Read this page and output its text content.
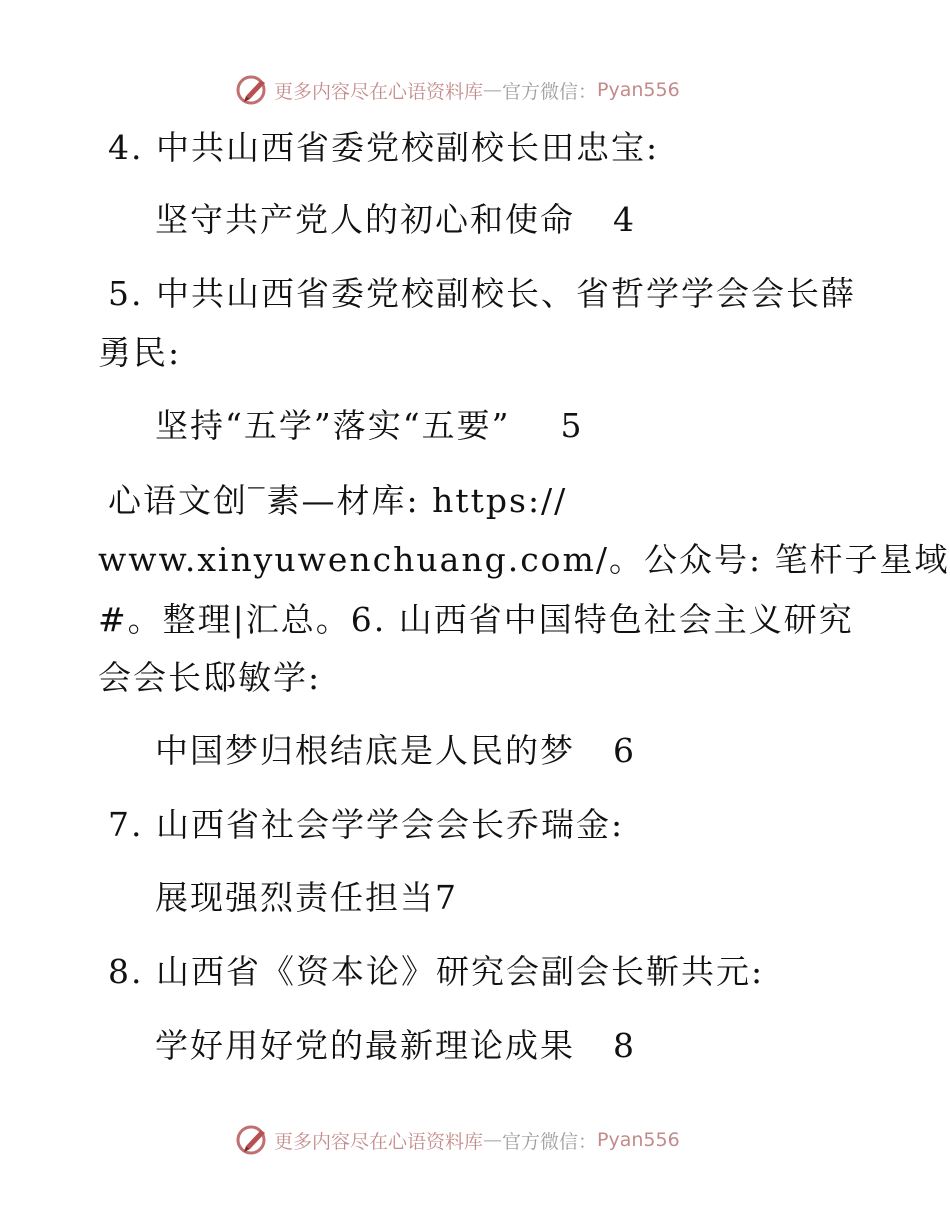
更多内容尽在心语资料库 — 官方微信： Pyan556
4. 中共山西省委党校副校长田忠宝:
坚守共产党人的初心和使命 4
5. 中共山西省委党校副校长、省哲学学会会长薛
勇民:
坚持“五学”落实“五要” 5
心语文创‾素—材库: https://
www.xinyuwenchuang.com/。公众号: 笔杆子星域
#。整理|汇总。6. 山西省中国特色社会主义研究
会会长邸敏学:
中国梦归根结底是人民的梦 6
7. 山西省社会学学会会长乔瑞金:
展现强烈责任担当7
8. 山西省《资本论》研究会副会长靳共元:
学好用好党的最新理论成果 8
更多内容尽在心语资料库 — 官方微信： Pyan556
